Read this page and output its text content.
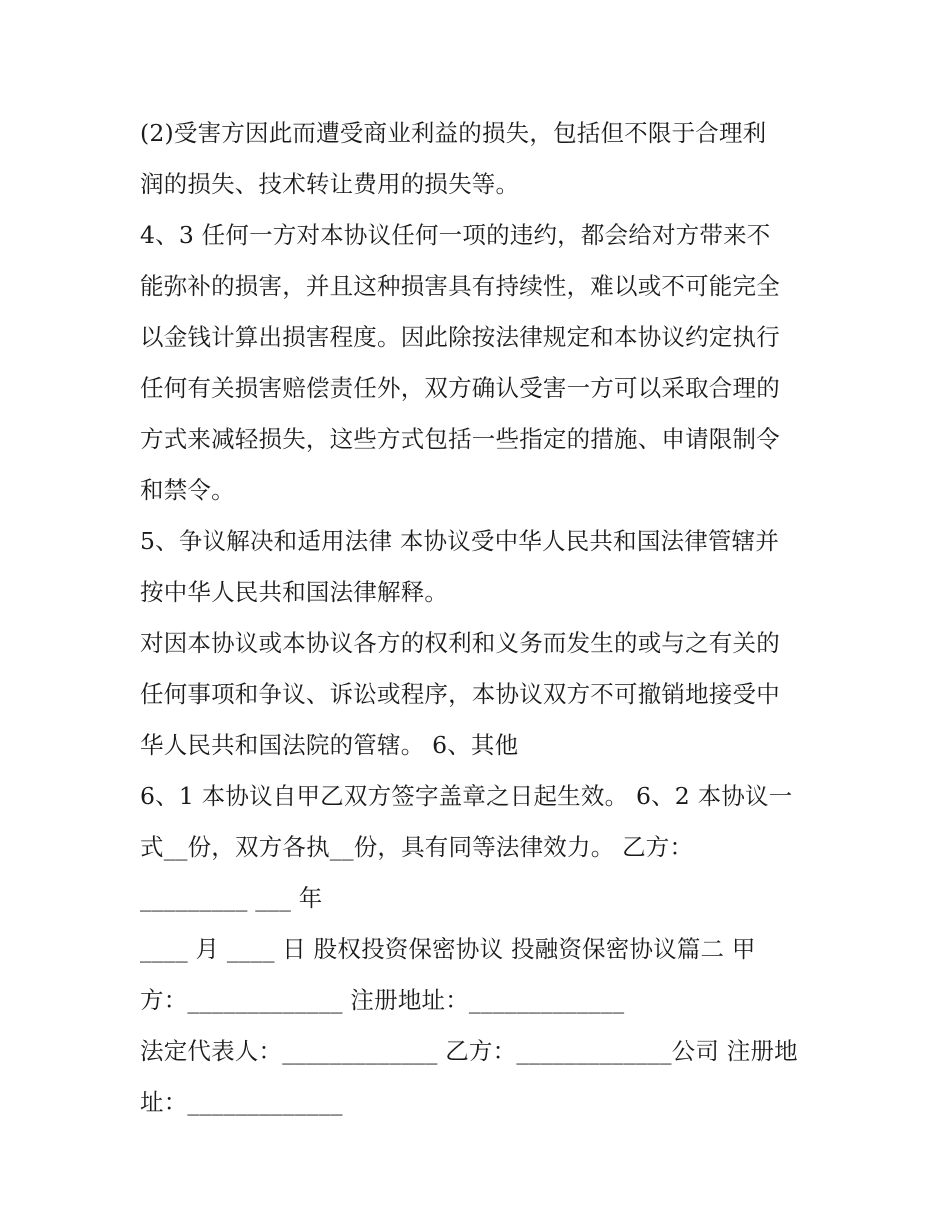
(2)受害方因此而遭受商业利益的损失，包括但不限于合理利
润的损失、技术转让费用的损失等。
4、3 任何一方对本协议任何一项的违约，都会给对方带来不
能弥补的损害，并且这种损害具有持续性，难以或不可能完全
以金钱计算出损害程度。因此除按法律规定和本协议约定执行
任何有关损害赔偿责任外，双方确认受害一方可以采取合理的
方式来减轻损失，这些方式包括一些指定的措施、申请限制令
和禁令。
5、争议解决和适用法律 本协议受中华人民共和国法律管辖并
按中华人民共和国法律解释。
对因本协议或本协议各方的权利和义务而发生的或与之有关的
任何事项和争议、诉讼或程序，本协议双方不可撤销地接受中
华人民共和国法院的管辖。 6、其他
6、1 本协议自甲乙双方签字盖章之日起生效。 6、2 本协议一
式__份，双方各执__份，具有同等法律效力。 乙方：
_________ ___ 年
____ 月 ____ 日 股权投资保密协议 投融资保密协议篇二 甲
方：_____________ 注册地址：_____________
法定代表人：_____________ 乙方：_____________公司 注册地
址：_____________
